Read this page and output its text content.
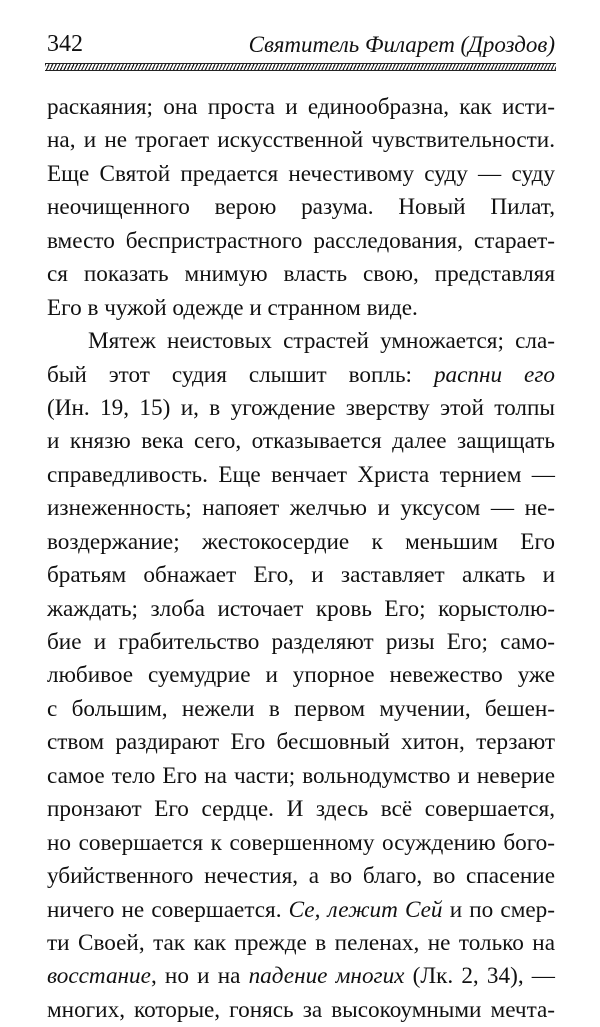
342	Святитель Филарет (Дроздов)
раскаяния; она проста и единообразна, как исти-
на, и не трогает искусственной чувствительности.
Еще Святой предается нечестивому суду — суду
неочищенного верою разума. Новый Пилат,
вместо беспристрастного расследования, старает-
ся показать мнимую власть свою, представляя
Его в чужой одежде и странном виде.
Мятеж неистовых страстей умножается; сла-
бый этот судия слышит вопль: распни его
(Ин. 19, 15) и, в угождение зверству этой толпы
и князю века сего, отказывается далее защищать
справедливость. Еще венчает Христа тернием —
изнеженность; напояет желчью и уксусом — не-
воздержание; жестокосердие к меньшим Его
братьям обнажает Его, и заставляет алкать и
жаждать; злоба источает кровь Его; корыстолю-
бие и грабительство разделяют ризы Его; само-
любивое суемудрие и упорное невежество уже
с большим, нежели в первом мучении, бешен-
ством раздирают Его бесшовный хитон, терзают
самое тело Его на части; вольнодумство и неверие
пронзают Его сердце. И здесь всё совершается,
но совершается к совершенному осуждению бого-
убийственного нечестия, а во благо, во спасение
ничего не совершается. Се, лежит Сей и по смер-
ти Своей, так как прежде в пеленах, не только на
восстание, но и на падение многих (Лк. 2, 34), —
многих, которые, гонясь за высокоумными мечта-
